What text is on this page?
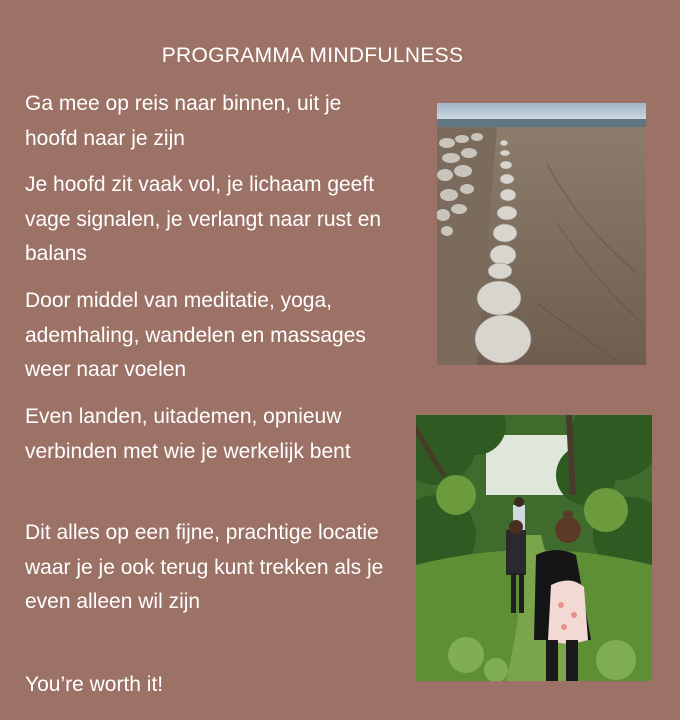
PROGRAMMA MINDFULNESS

Ga mee op reis naar binnen, uit je hoofd naar je zijn

Je hoofd zit vaak vol, je lichaam geeft vage signalen, je verlangt naar rust en balans

Door middel van meditatie, yoga, ademhaling, wandelen en massages weer naar voelen

Even landen, uitademen, opnieuw verbinden met wie je werkelijk bent

Dit alles op een fijne, prachtige locatie waar je je ook terug kunt trekken als je even alleen wil zijn

You’re worth it!
